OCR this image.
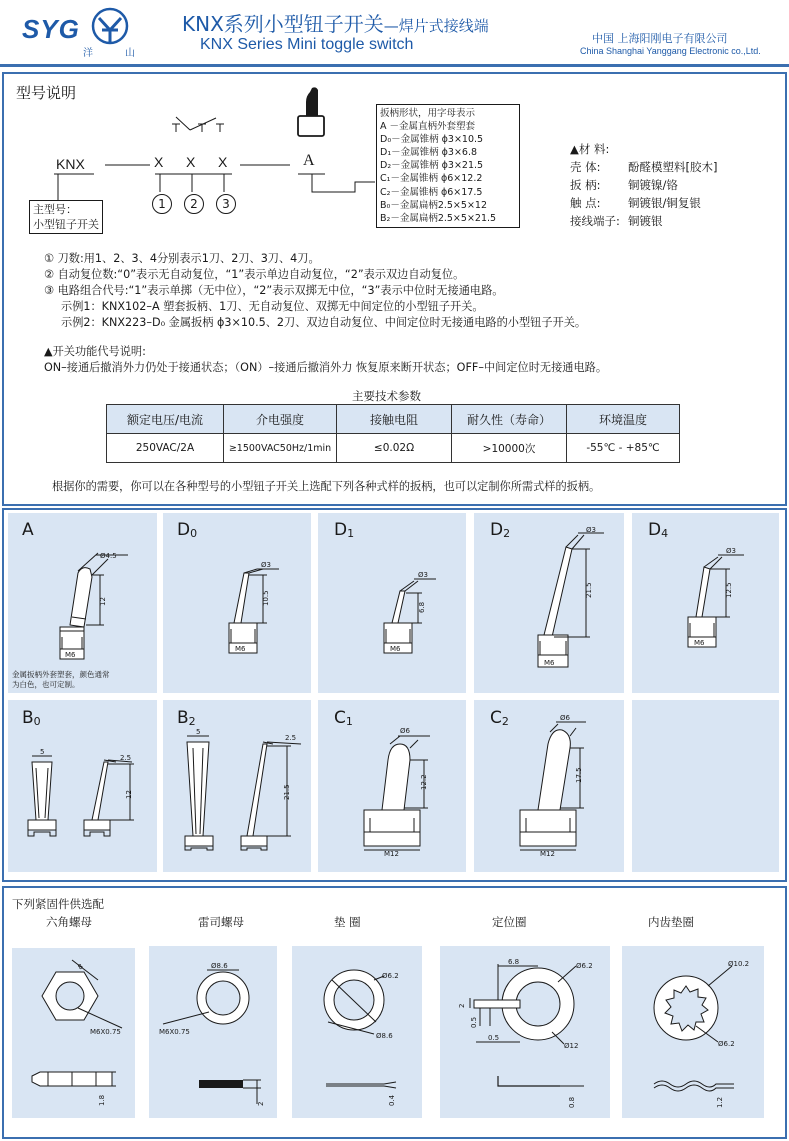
SYG
洋	山
KNX系列小型钮子开关—焊片式接线端
KNX Series Mini toggle switch	中国 上海阳刚电子有限公司
China Shanghai Yanggang Electronic co.,Ltd.
型号说明
KNX	X X X	A
1	2	3
主型号：
小型钮子开关
扳柄形状，用字母表示
A －金属直柄外套塑套
D₀－金属锥柄 ϕ3×10.5
D₁－金属锥柄 ϕ3×6.8
D₂－金属锥柄 ϕ3×21.5
C₁－金属锥柄 ϕ6×12.2
C₂－金属锥柄 ϕ6×17.5
B₀－金属扁柄2.5×5×12
B₂－金属扁柄2.5×5×21.5
▲材 料:
壳 体: 酚醛模塑料[胶木]
扳 柄: 铜镀镍/铬
触 点: 铜镀银/铜复银
接线端子: 铜镀银
① 刀数:用1、2、3、4分别表示1刀、2刀、3刀、4刀。
② 自动复位数:“0”表示无自动复位，“1”表示单边自动复位，“2”表示双边自动复位。
③ 电路组合代号:“1”表示单掷（无中位），“2”表示双掷无中位，“3”表示中位时无接通电路。
示例1：KNX102–A 塑套扳柄、1刀、无自动复位、双掷无中间定位的小型钮子开关。
示例2：KNX223–D₀ 金属扳柄 ϕ3×10.5、2刀、双边自动复位、中间定位时无接通电路的小型钮子开关。
▲开关功能代号说明:
ON–接通后撤消外力仍处于接通状态；（ON）–接通后撤消外力 恢复原来断开状态；OFF–中间定位时无接通电路。
主要技术参数
额定电压/电流	介电强度	接触电阻	耐久性（寿命）	环境温度
250VAC/2A	≥1500VAC50Hz/1min	≤0.02Ω	>10000次	-55℃ - +85℃
根据你的需要，你可以在各种型号的小型钮子开关上选配下列各种式样的扳柄，也可以定制你所需式样的扳柄。
A	$D_0$	$D_1$	$D_2$	$D_4$
$B_0$	$B_2$	$C_1$	$C_2$
Ø4.5
12
M6
金属扳柄外套塑套，颜色通常
为白色，也可定制。
Ø3
10.5
M6
Ø3
6.8
M6
Ø3
21.5
M6
Ø3
12.5
M6
5
2.5
12
5
2.5
21.5
Ø6
12.2
M12
Ø6
17.5
M12
下列紧固件供选配
六角螺母	雷司螺母	垫 圈	定位圈	内齿垫圈
8
M6X0.75
1.8
Ø8.6
M6X0.75
2
Ø6.2
Ø8.6
0.4
6.8	Ø6.2
2
0.5
0.5
Ø12
0.8
Ø10.2
Ø6.2
1.2
